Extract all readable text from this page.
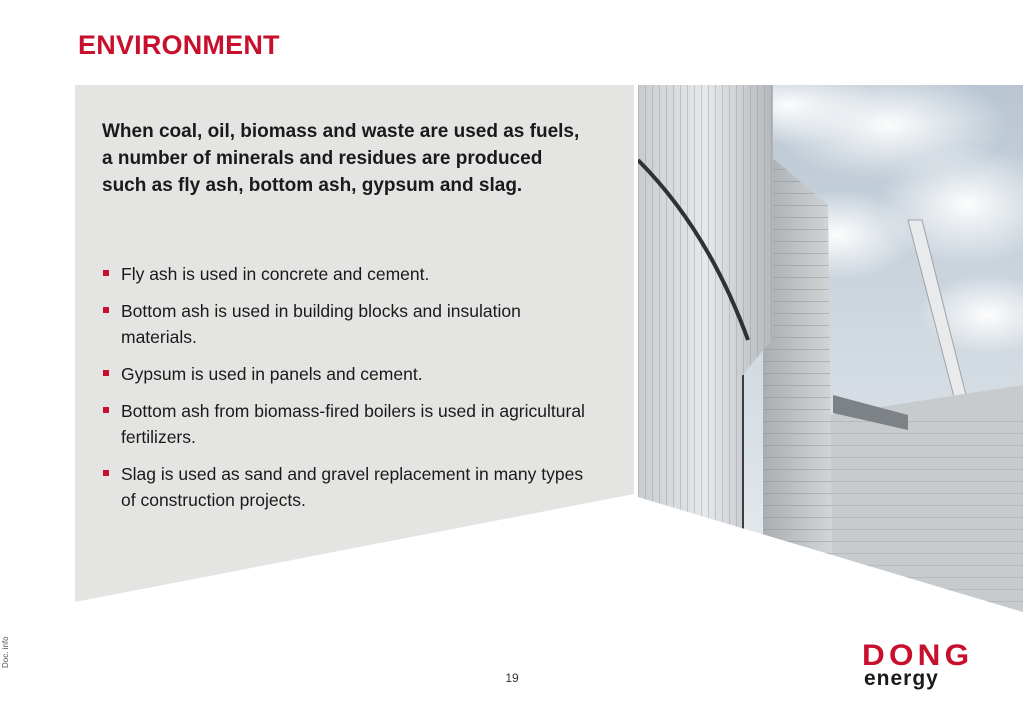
ENVIRONMENT

When coal, oil, biomass and waste are used as fuels, a number of minerals and residues are produced such as fly ash, bottom ash, gypsum and slag.

Fly ash is used in concrete and cement.
Bottom ash is used in building blocks and insulation materials.
Gypsum is used in panels and cement.
Bottom ash from biomass-fired boilers is used in agricultural fertilizers.
Slag is used as sand and gravel replacement in many types of construction projects.
Doc. info
19

DONG

energy
